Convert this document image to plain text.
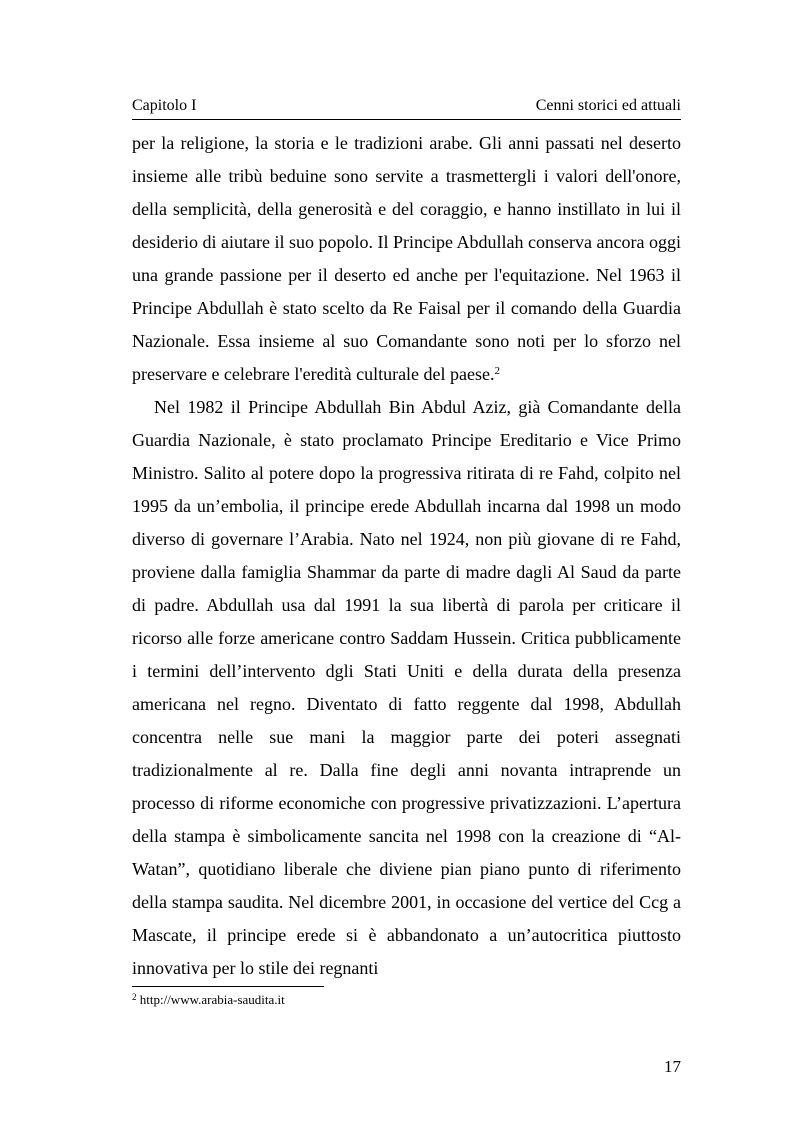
Capitolo I	Cenni storici ed attuali

per la religione, la storia e le tradizioni arabe. Gli anni passati nel deserto insieme alle tribù beduine sono servite a trasmettergli i valori dell'onore, della semplicità, della generosità e del coraggio, e hanno instillato in lui il desiderio di aiutare il suo popolo. Il Principe Abdullah conserva ancora oggi una grande passione per il deserto ed anche per l'equitazione. Nel 1963 il Principe Abdullah è stato scelto da Re Faisal per il comando della Guardia Nazionale. Essa insieme al suo Comandante sono noti per lo sforzo nel preservare e celebrare l'eredità culturale del paese.$^2$

Nel 1982 il Principe Abdullah Bin Abdul Aziz, già Comandante della Guardia Nazionale, è stato proclamato Principe Ereditario e Vice Primo Ministro. Salito al potere dopo la progressiva ritirata di re Fahd, colpito nel 1995 da un’embolia, il principe erede Abdullah incarna dal 1998 un modo diverso di governare l’Arabia. Nato nel 1924, non più giovane di re Fahd, proviene dalla famiglia Shammar da parte di madre dagli Al Saud da parte di padre. Abdullah usa dal 1991 la sua libertà di parola per criticare il ricorso alle forze americane contro Saddam Hussein. Critica pubblicamente i termini dell’intervento dgli Stati Uniti e della durata della presenza americana nel regno. Diventato di fatto reggente dal 1998, Abdullah concentra nelle sue mani la maggior parte dei poteri assegnati tradizionalmente al re. Dalla fine degli anni novanta intraprende un processo di riforme economiche con progressive privatizzazioni. L’apertura della stampa è simbolicamente sancita nel 1998 con la creazione di “Al-Watan”, quotidiano liberale che diviene pian piano punto di riferimento della stampa saudita. Nel dicembre 2001, in occasione del vertice del Ccg a Mascate, il principe erede si è abbandonato a un’autocritica piuttosto innovativa per lo stile dei regnanti

$^2$ http://www.arabia-saudita.it
17
